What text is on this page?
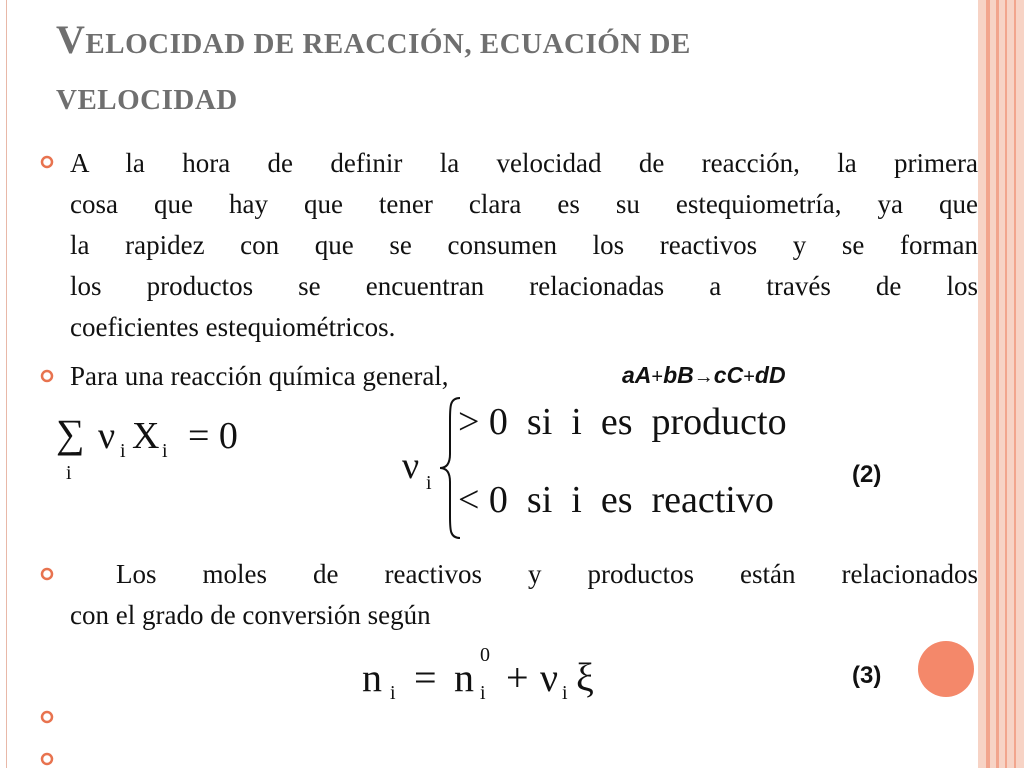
VELOCIDAD DE REACCIÓN, ECUACIÓN DE
VELOCIDAD
A la hora de definir la velocidad de reacción, la primera
cosa que hay que tener clara es su estequiometría, ya que
la rapidez con que se consumen los reactivos y se forman
los productos se encuentran relacionadas a través de los
coeficientes estequiométricos.
Para una reacción química general,	aA+bB→cC+dD
∑
i
ν i X i = 0
ν i
> 0  si  i  es  producto
< 0  si  i  es  reactivo
(2)
Los moles de reactivos y productos están relacionados
con el grado de conversión según
n i = n i
0 + ν i ξ	(3)
